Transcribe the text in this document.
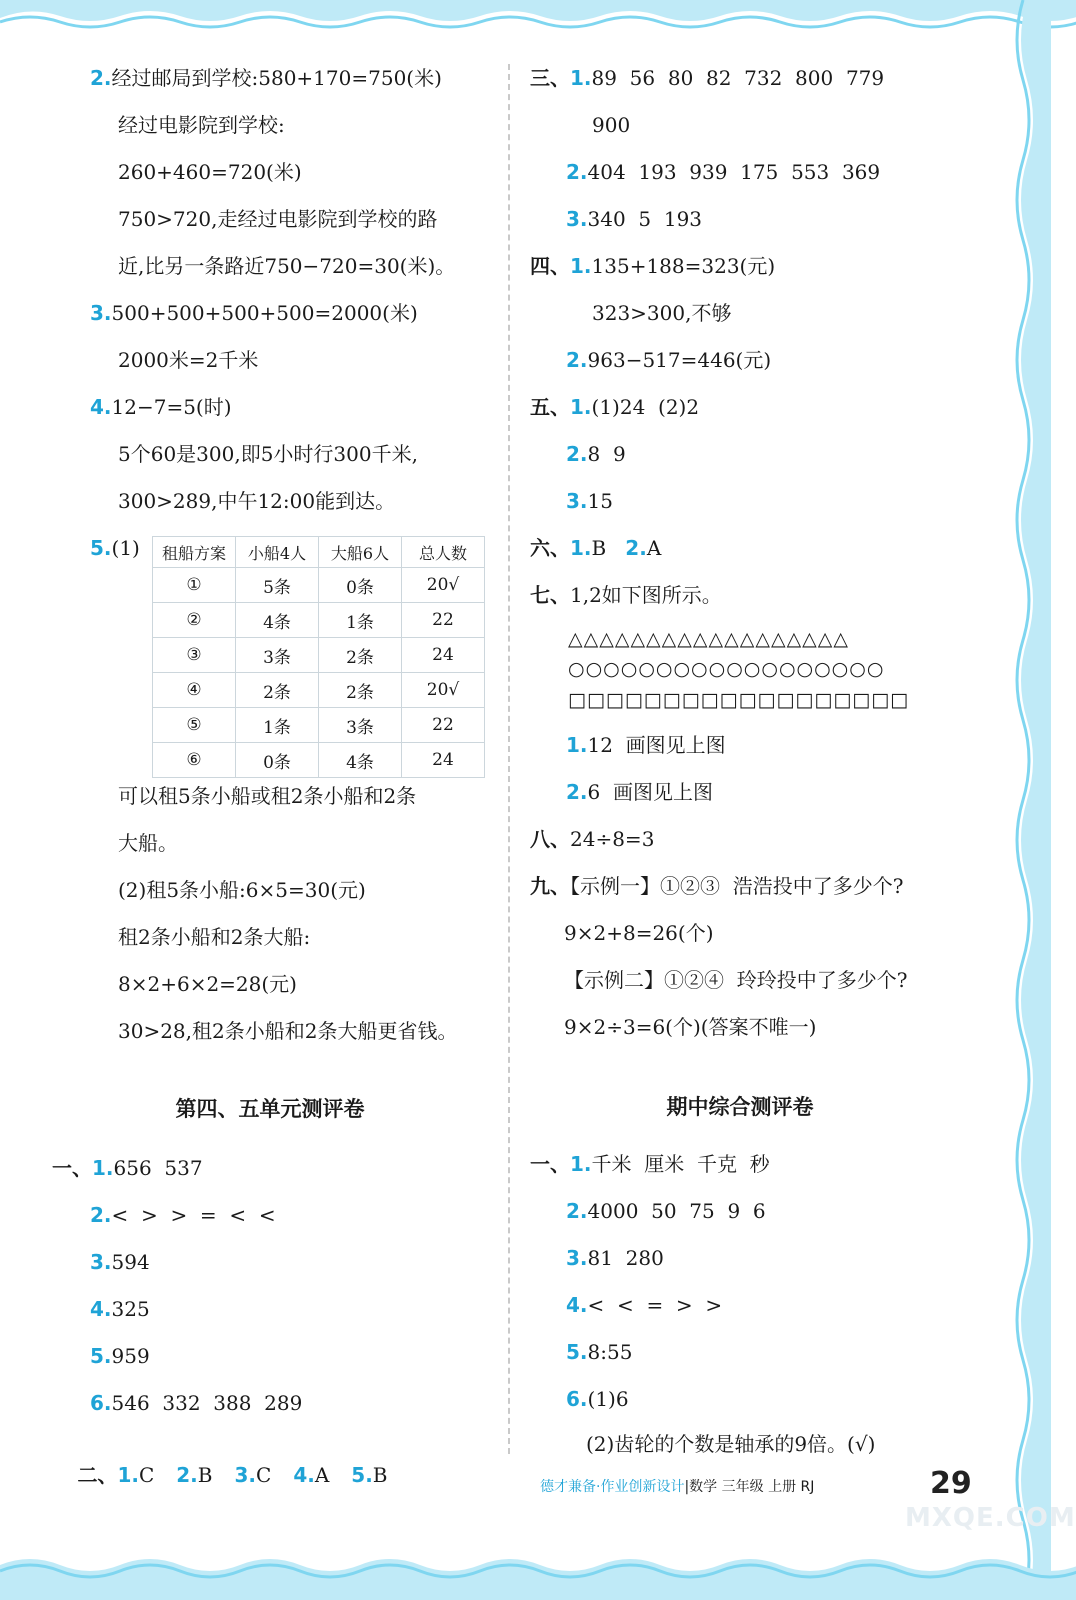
2.经过邮局到学校:580+170=750(米)
经过电影院到学校:
260+460=720(米)
750>720,走经过电影院到学校的路
近,比另一条路近750−720=30(米)。
3.500+500+500+500=2000(米)
2000米=2千米
4.12−7=5(时)
5个60是300,即5小时行300千米,
300>289,中午12:00能到达。
5.(1) 租船方案	小船4人	大船6人	总人数
①	5条	0条	20√
②	4条	1条	22
③	3条	2条	24
④	2条	2条	20√
⑤	1条	3条	22
⑥	0条	4条	24
可以租5条小船或租2条小船和2条
大船。
(2)租5条小船:6×5=30(元)
租2条小船和2条大船:
8×2+6×2=28(元)
30>28,租2条小船和2条大船更省钱。
第四、五单元测评卷
一、1.656  537
2.<  >  >  =  <  <
3.594
4.325
5.959
6.546  332  388  289

二、1.C 2.B 3.C 4.A 5.B

三、1.89  56  80  82  732  800  779
900
2.404  193  939  175  553  369
3.340  5  193
四、1.135+188=323(元)
323>300,不够
2.963−517=446(元)
五、1.(1)24  (2)2
2.8  9
3.15
六、1.B 2.A
七、1,2如下图所示。
△△△△△△△△△△△△△△△△△△
○○○○○○○○○○○○○○○○○○
□□□□□□□□□□□□□□□□□□
1.12  画图见上图
2.6  画图见上图
八、24÷8=3
九、【示例一】①②③  浩浩投中了多少个?
9×2+8=26(个)
【示例二】①②④  玲玲投中了多少个?
9×2÷3=6(个)(答案不唯一)
期中综合测评卷
一、1.千米  厘米  千克  秒
2.4000  50  75  9  6
3.81  280
4.<  <  =  >  >
5.8:55
6.(1)6
(2)齿轮的个数是轴承的9倍。(√)
德才兼备·作业创新设计|数学 三年级 上册 RJ	29
MXQE.COM
